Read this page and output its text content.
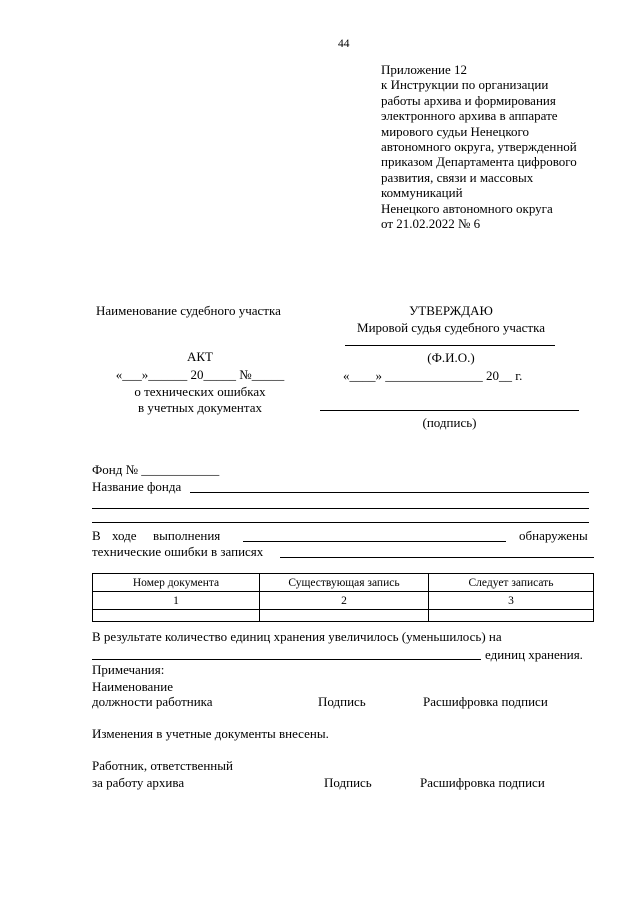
44
Приложение 12
к Инструкции по организации
работы архива и формирования
электронного архива в аппарате
мирового судьи Ненецкого
автономного округа, утвержденной
приказом Департамента цифрового
развития, связи и массовых
коммуникаций
Ненецкого автономного округа
от 21.02.2022 № 6
Наименование судебного участка
АКТ
«___»______ 20_____ №_____
о технических ошибках
в учетных документах
УТВЕРЖДАЮ
Мировой судья судебного участка
(Ф.И.О.)
«____» _______________ 20__ г.
(подпись)
Фонд № ____________
Название фонда
В ходе выполнения	обнаружены
технические ошибки в записях
Номер документа	Существующая запись	Следует записать
1	2	3

В результате количество единиц хранения увеличилось (уменьшилось) на
единиц хранения.
Примечания:
Наименование
должности работника	Подпись	Расшифровка подписи
Изменения в учетные документы внесены.
Работник, ответственный
за работу архива	Подпись	Расшифровка подписи
